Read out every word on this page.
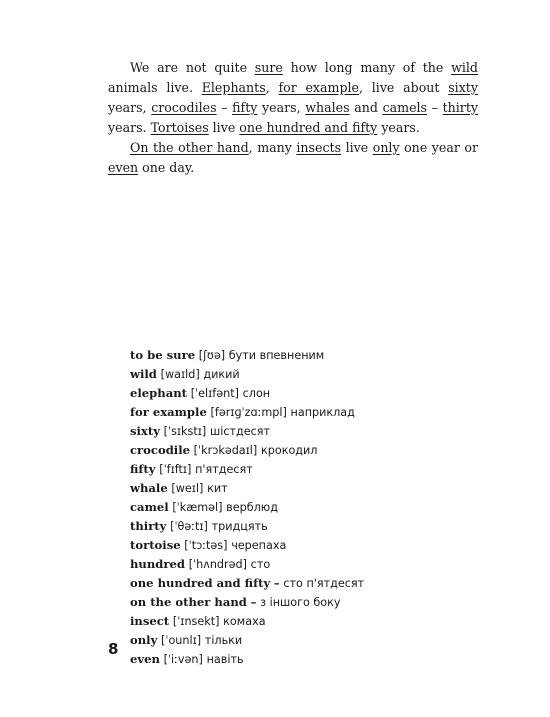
We are not quite sure how long many of the wild animals live. Elephants, for example, live about sixty years, crocodiles – fifty years, whales and camels – thirty years. Tortoises live one hundred and fifty years.

On the other hand, many insects live only one year or even one day.

to be sure [ʃʊə] бути впевненим
wild [waɪld] дикий
elephant [ˈelɪfənt] слон
for example [fərɪɡˈzɑːmpl] наприклад
sixty [ˈsɪkstɪ] шістдесят
crocodile [ˈkrɔkədaɪl] крокодил
fifty [ˈfɪftɪ] п'ятдесят
whale [weɪl] кит
camel [ˈkæməl] верблюд
thirty [ˈθəːtɪ] тридцять
tortoise [ˈtɔːtəs] черепаха
hundred [ˈhʌndrəd] сто
one hundred and fifty – сто п'ятдесят
on the other hand – з іншого боку
insect [ˈɪnsekt] комаха
only [ˈounlɪ] тільки
even [ˈiːvən] навіть
8
